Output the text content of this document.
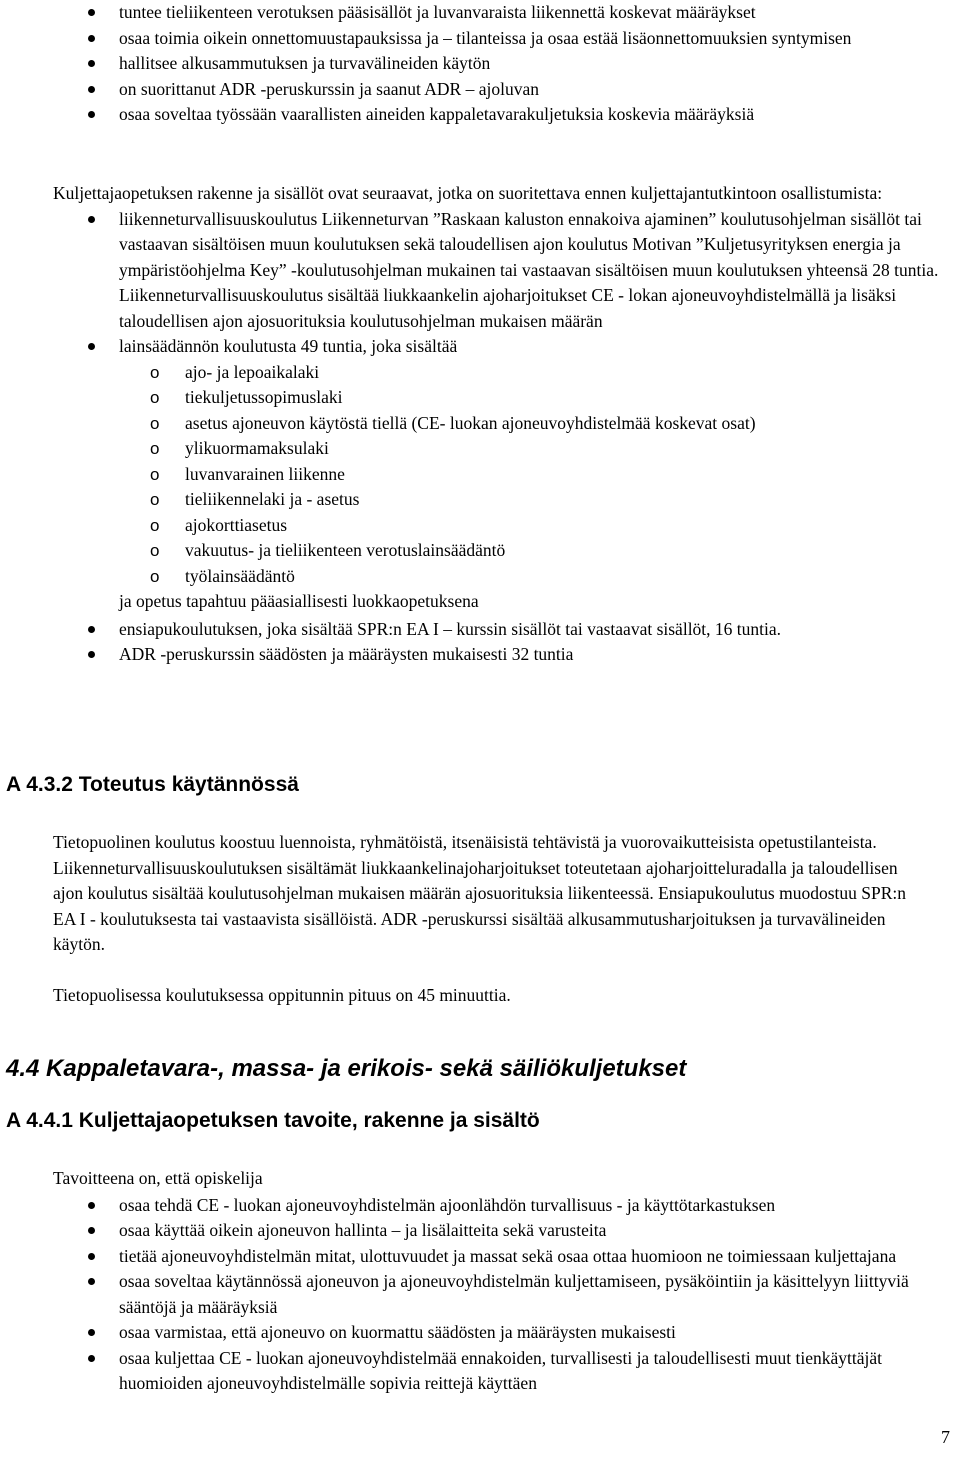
tuntee tieliikenteen verotuksen pääsisällöt ja luvanvaraista liikennettä koskevat määräykset
osaa toimia oikein onnettomuustapauksissa ja – tilanteissa ja osaa estää lisäonnettomuuksien syntymisen
hallitsee alkusammutuksen ja turvavälineiden käytön
on suorittanut ADR -peruskurssin ja saanut ADR – ajoluvan
osaa soveltaa työssään vaarallisten aineiden kappaletavarakuljetuksia koskevia määräyksiä

Kuljettajaopetuksen rakenne ja sisällöt ovat seuraavat, jotka on suoritettava ennen kuljettajantutkintoon osallistumista:

liikenneturvallisuuskoulutus Liikenneturvan ”Raskaan kaluston ennakoiva ajaminen” koulutusohjelman sisällöt tai vastaavan sisältöisen muun koulutuksen sekä taloudellisen ajon koulutus Motivan ”Kuljetusyrityksen energia ja ympäristöohjelma Key” -koulutusohjelman mukainen tai vastaavan sisältöisen muun koulutuksen yhteensä 28 tuntia. Liikenneturvallisuuskoulutus sisältää liukkaankelin ajoharjoitukset CE - lokan ajoneuvoyhdistelmällä ja lisäksi taloudellisen ajon ajosuorituksia koulutusohjelman mukaisen määrän
lainsäädännön koulutusta 49 tuntia, joka sisältää
o ajo- ja lepoaikalaki
o tiekuljetussopimuslaki
o asetus ajoneuvon käytöstä tiellä (CE- luokan ajoneuvoyhdistelmää koskevat osat)
o ylikuormamaksulaki
o luvanvarainen liikenne
o tieliikennelaki ja - asetus
o ajokorttiasetus
o vakuutus- ja tieliikenteen verotuslainsäädäntö
o työlainsäädäntö

ja opetus tapahtuu pääasiallisesti luokkaopetuksena

ensiapukoulutuksen, joka sisältää SPR:n EA I – kurssin sisällöt tai vastaavat sisällöt, 16 tuntia.
ADR -peruskurssin säädösten ja määräysten mukaisesti 32 tuntia
A 4.3.2 Toteutus käytännössä

Tietopuolinen koulutus koostuu luennoista, ryhmätöistä, itsenäisistä tehtävistä ja vuorovaikutteisista opetustilanteista. Liikenneturvallisuuskoulutuksen sisältämät liukkaankelinajoharjoitukset toteutetaan ajoharjoitteluradalla ja taloudellisen ajon koulutus sisältää koulutusohjelman mukaisen määrän ajosuorituksia liikenteessä. Ensiapukoulutus muodostuu SPR:n EA I - koulutuksesta tai vastaavista sisällöistä. ADR -peruskurssi sisältää alkusammutusharjoituksen ja turvavälineiden käytön.

Tietopuolisessa koulutuksessa oppitunnin pituus on 45 minuuttia.

4.4 Kappaletavara-, massa- ja erikois- sekä säiliökuljetukset
A 4.4.1 Kuljettajaopetuksen tavoite, rakenne ja sisältö

Tavoitteena on, että opiskelija

osaa tehdä CE - luokan ajoneuvoyhdistelmän ajoonlähdön turvallisuus - ja käyttötarkastuksen
osaa käyttää oikein ajoneuvon hallinta – ja lisälaitteita sekä varusteita
tietää ajoneuvoyhdistelmän mitat, ulottuvuudet ja massat sekä osaa ottaa huomioon ne toimiessaan kuljettajana
osaa soveltaa käytännössä ajoneuvon ja ajoneuvoyhdistelmän kuljettamiseen, pysäköintiin ja käsittelyyn liittyviä sääntöjä ja määräyksiä
osaa varmistaa, että ajoneuvo on kuormattu säädösten ja määräysten mukaisesti
osaa kuljettaa CE - luokan ajoneuvoyhdistelmää ennakoiden, turvallisesti ja taloudellisesti muut tienkäyttäjät huomioiden ajoneuvoyhdistelmälle sopivia reittejä käyttäen
7
